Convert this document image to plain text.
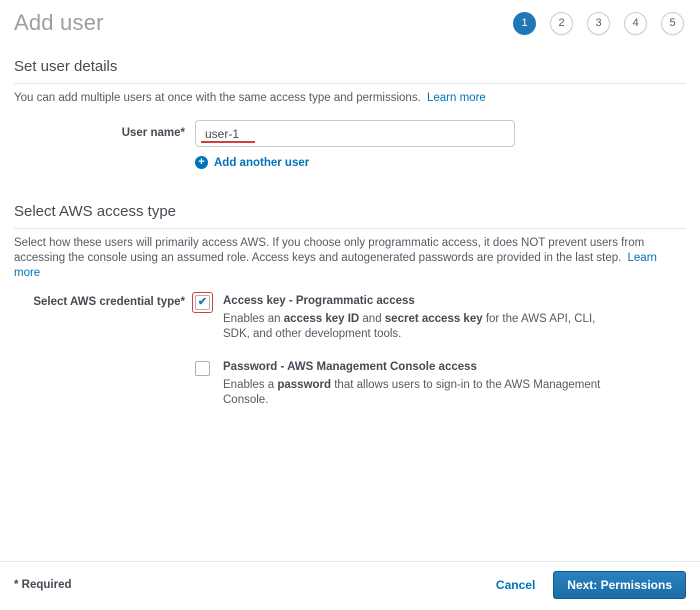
Add user	1	2	3	4	5
Set user details

You can add multiple users at once with the same access type and permissions. Learn more

User name*
user-1
+ Add another user
Select AWS access type

Select how these users will primarily access AWS. If you choose only programmatic access, it does NOT prevent users from accessing the console using an assumed role. Access keys and autogenerated passwords are provided in the last step. Learn more

Select AWS credential type* ✔ Access key - Programmatic access
Enables an access key ID and secret access key for the AWS API, CLI, SDK, and other development tools.
Password - AWS Management Console access
Enables a password that allows users to sign-in to the AWS Management Console.
* Required	Cancel	Next: Permissions
